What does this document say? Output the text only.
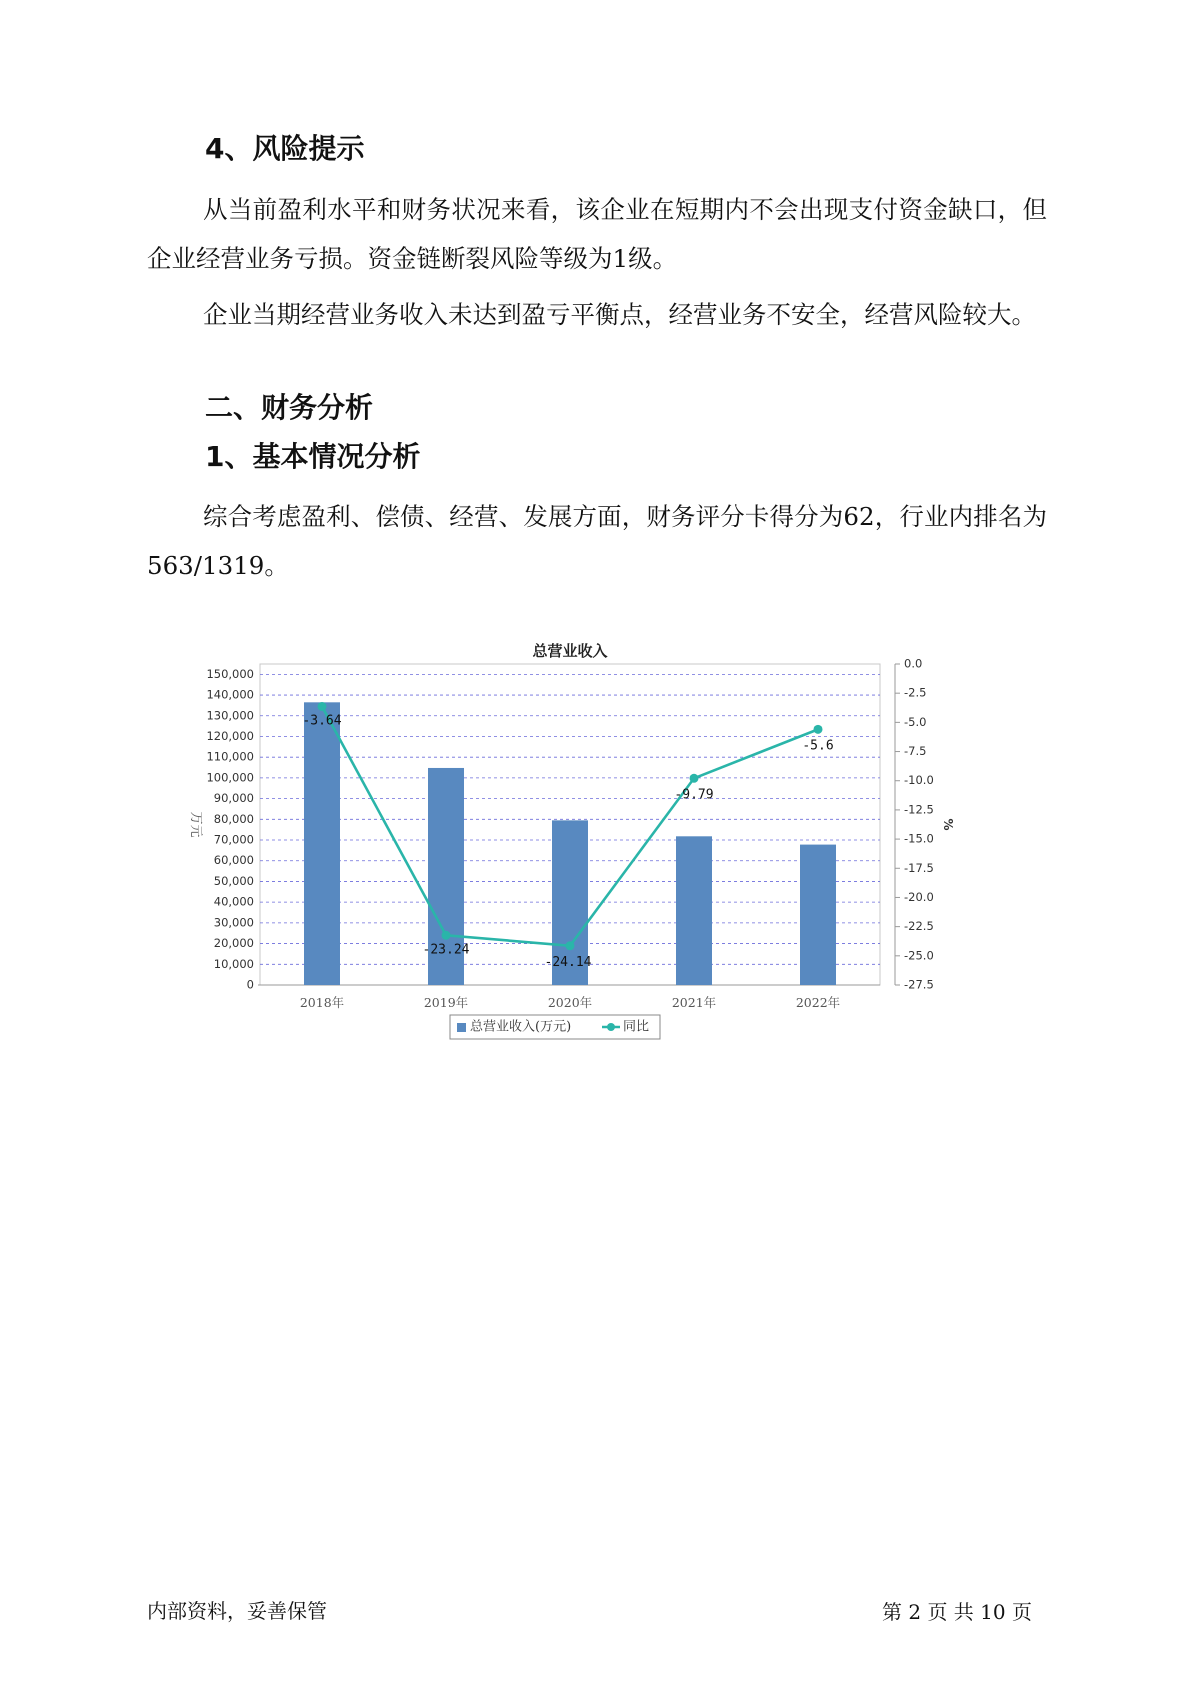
4、风险提示

从当前盈利水平和财务状况来看，该企业在短期内不会出现支付资金缺口，但企业经营业务亏损。资金链断裂风险等级为1级。

企业当期经营业务收入未达到盈亏平衡点，经营业务不安全，经营风险较大。

二、财务分析
1、基本情况分析

综合考虑盈利、偿债、经营、发展方面，财务评分卡得分为62，行业内排名为563/1319。

总营业收入
0
10,000
20,000
30,000
40,000
50,000
60,000
70,000
80,000
90,000
100,000
110,000
120,000
130,000
140,000
150,000
0.0
-2.5
-5.0
-7.5
-10.0
-12.5
-15.0
-17.5
-20.0
-22.5
-25.0
-27.5
万元	%
2018年	2019年	2020年	2021年	2022年
-3.64
-23.24
-24.14
-9.79
-5.6
总营业收入(万元)	同比
内部资料，妥善保管	第 2 页 共 10 页
